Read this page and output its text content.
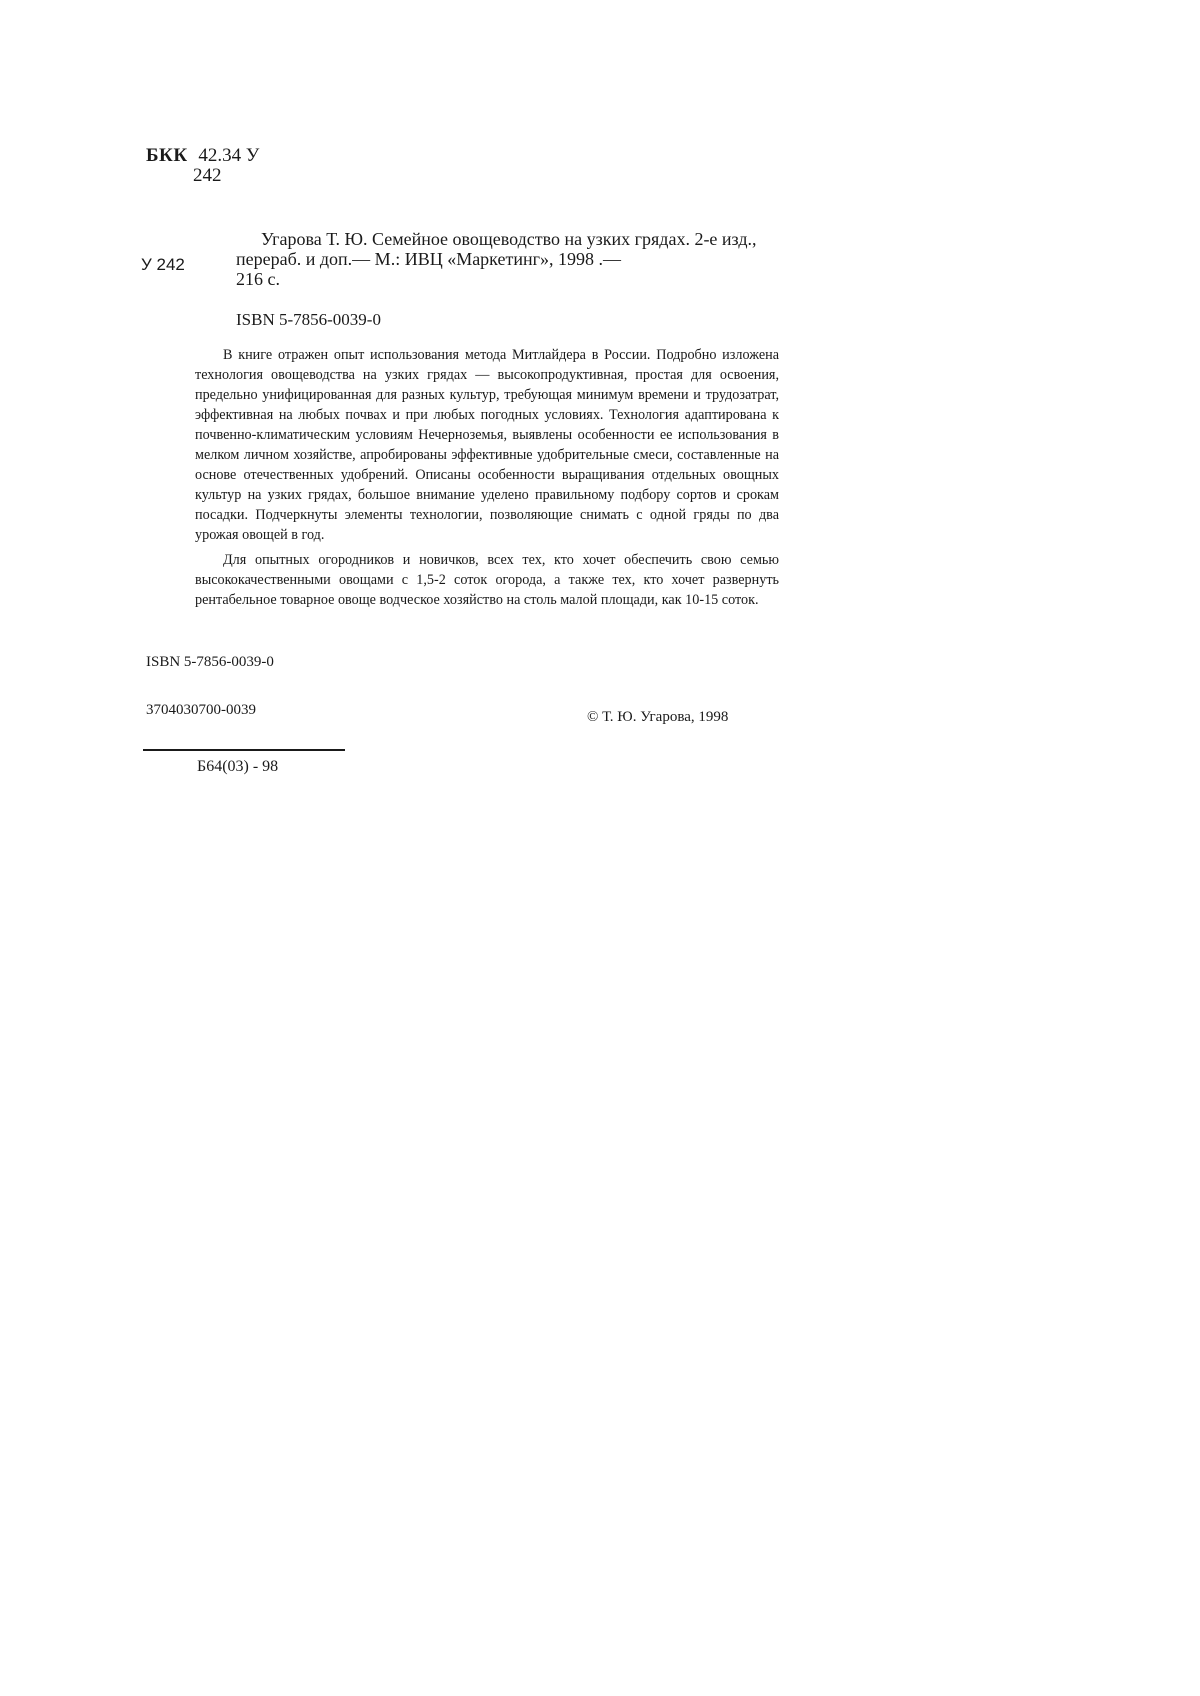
БКК 42.34 У
242
У 242

Угарова Т. Ю. Семейное овощеводство на узких грядах. 2-е изд.,

перераб. и доп.— М.: ИВЦ «Маркетинг», 1998 .—

216 с.

ISBN 5-7856-0039-0

В книге отражен опыт использования метода Митлайдера в России. Подробно изложена технология овощеводства на узких грядах — высокопродуктивная, простая для освоения, предельно унифицированная для разных культур, требующая минимум времени и трудозатрат, эффективная на любых почвах и при любых погодных условиях. Технология адаптирована к почвенно-климатическим условиям Нечерноземья, выявлены особенности ее использования в мелком личном хозяйстве, апробированы эффективные удобрительные смеси, составленные на основе отечественных удобрений. Описаны особенности выращивания отдельных овощных культур на узких грядах, большое внимание уделено правильному подбору сортов и срокам посадки. Подчеркнуты элементы технологии, позволяющие снимать с одной гряды по два урожая овощей в год.

Для опытных огородников и новичков, всех тех, кто хочет обеспечить свою семью высококачественными овощами с 1,5-2 соток огорода, а также тех, кто хочет развернуть рентабельное товарное овоще водческое хозяйство на столь малой площади, как 10-15 соток.

ISBN 5-7856-0039-0
3704030700-0039	© Т. Ю. Угарова, 1998
Б64(03) - 98
